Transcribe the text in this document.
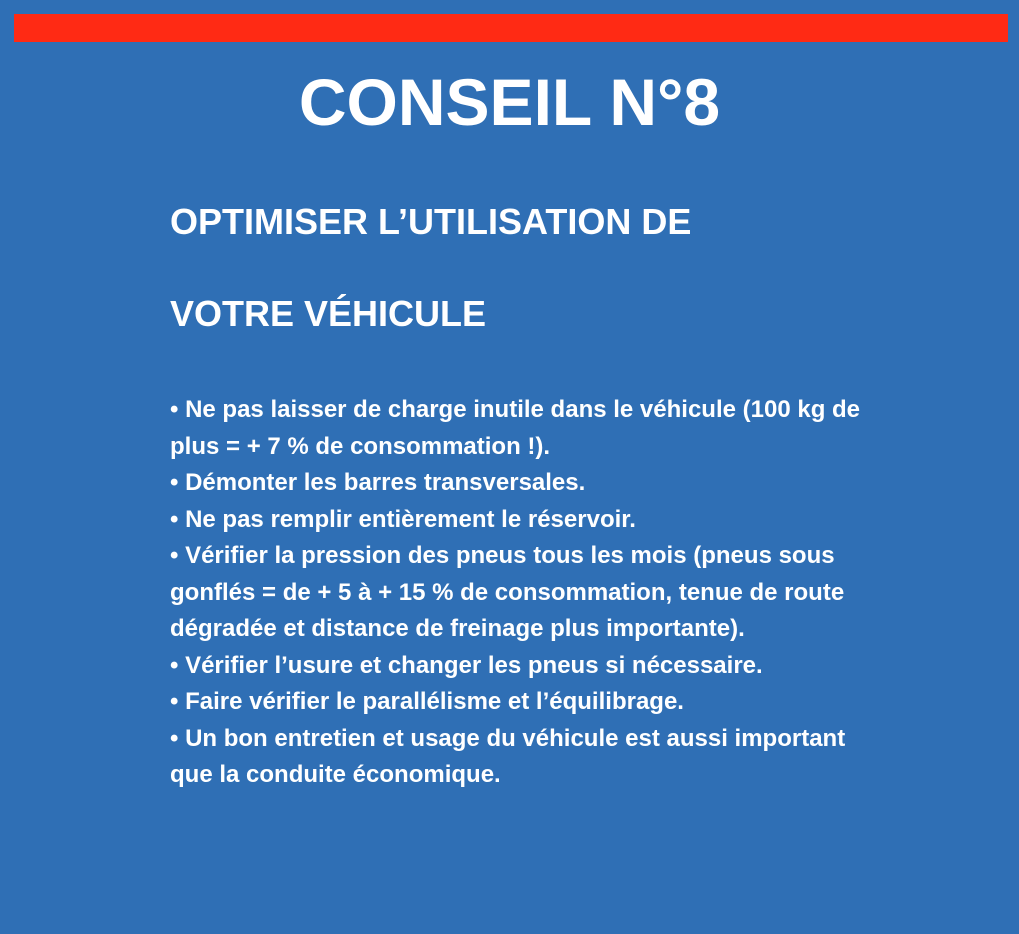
CONSEIL N°8
OPTIMISER L’UTILISATION DE
VOTRE VÉHICULE

• Ne pas laisser de charge inutile dans le véhicule (100 kg de plus = + 7 % de consommation !).

• Démonter les barres transversales.

• Ne pas remplir entièrement le réservoir.

• Vérifier la pression des pneus tous les mois (pneus sous gonflés = de + 5 à + 15 % de consommation, tenue de route dégradée et distance de freinage plus importante).

• Vérifier l’usure et changer les pneus si nécessaire.

• Faire vérifier le parallélisme et l’équilibrage.

• Un bon entretien et usage du véhicule est aussi important que la conduite économique.
